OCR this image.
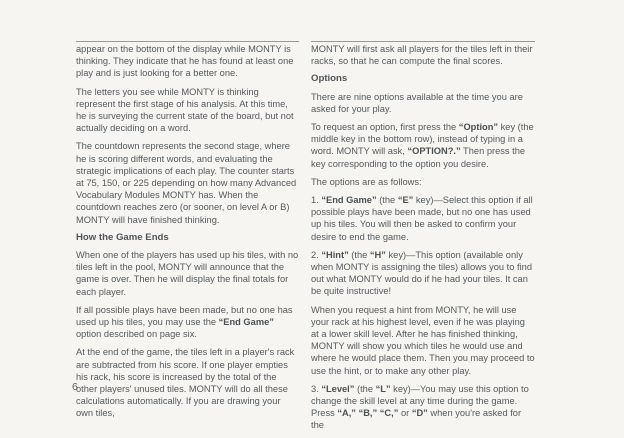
appear on the bottom of the display while MONTY is thinking. They indicate that he has found at least one play and is just looking for a better one.

The letters you see while MONTY is thinking represent the first stage of his analysis. At this time, he is surveying the current state of the board, but not actually deciding on a word.

The countdown represents the second stage, where he is scoring different words, and evaluating the strategic implications of each play. The counter starts at 75, 150, or 225 depending on how many Advanced Vocabulary Modules MONTY has. When the countdown reaches zero (or sooner, on level A or B) MONTY will have finished thinking.

How the Game Ends

When one of the players has used up his tiles, with no tiles left in the pool, MONTY will announce that the game is over. Then he will display the final totals for each player.

If all possible plays have been made, but no one has used up his tiles, you may use the “End Game” option described on page six.

At the end of the game, the tiles left in a player's rack are subtracted from his score. If one player empties his rack, his score is increased by the total of the other players' unused tiles. MONTY will do all these calculations automatically. If you are drawing your own tiles,

MONTY will first ask all players for the tiles left in their racks, so that he can compute the final scores.

Options

There are nine options available at the time you are asked for your play.

To request an option, first press the “Option” key (the middle key in the bottom row), instead of typing in a word. MONTY will ask, “OPTION?.” Then press the key corresponding to the option you desire.

The options are as follows:

1. “End Game” (the “E” key)—Select this option if all possible plays have been made, but no one has used up his tiles. You will then be asked to confirm your desire to end the game.

2. “Hint” (the “H” key)—This option (available only when MONTY is assigning the tiles) allows you to find out what MONTY would do if he had your tiles. It can be quite instructive!

When you request a hint from MONTY, he will use your rack at his highest level, even if he was playing at a lower skill level. After he has finished thinking, MONTY will show you which tiles he would use and where he would place them. Then you may proceed to use the hint, or to make any other play.

3. “Level” (the “L” key)—You may use this option to change the skill level at any time during the game. Press “A,” “B,” “C,” or “D” when you're asked for the

6
